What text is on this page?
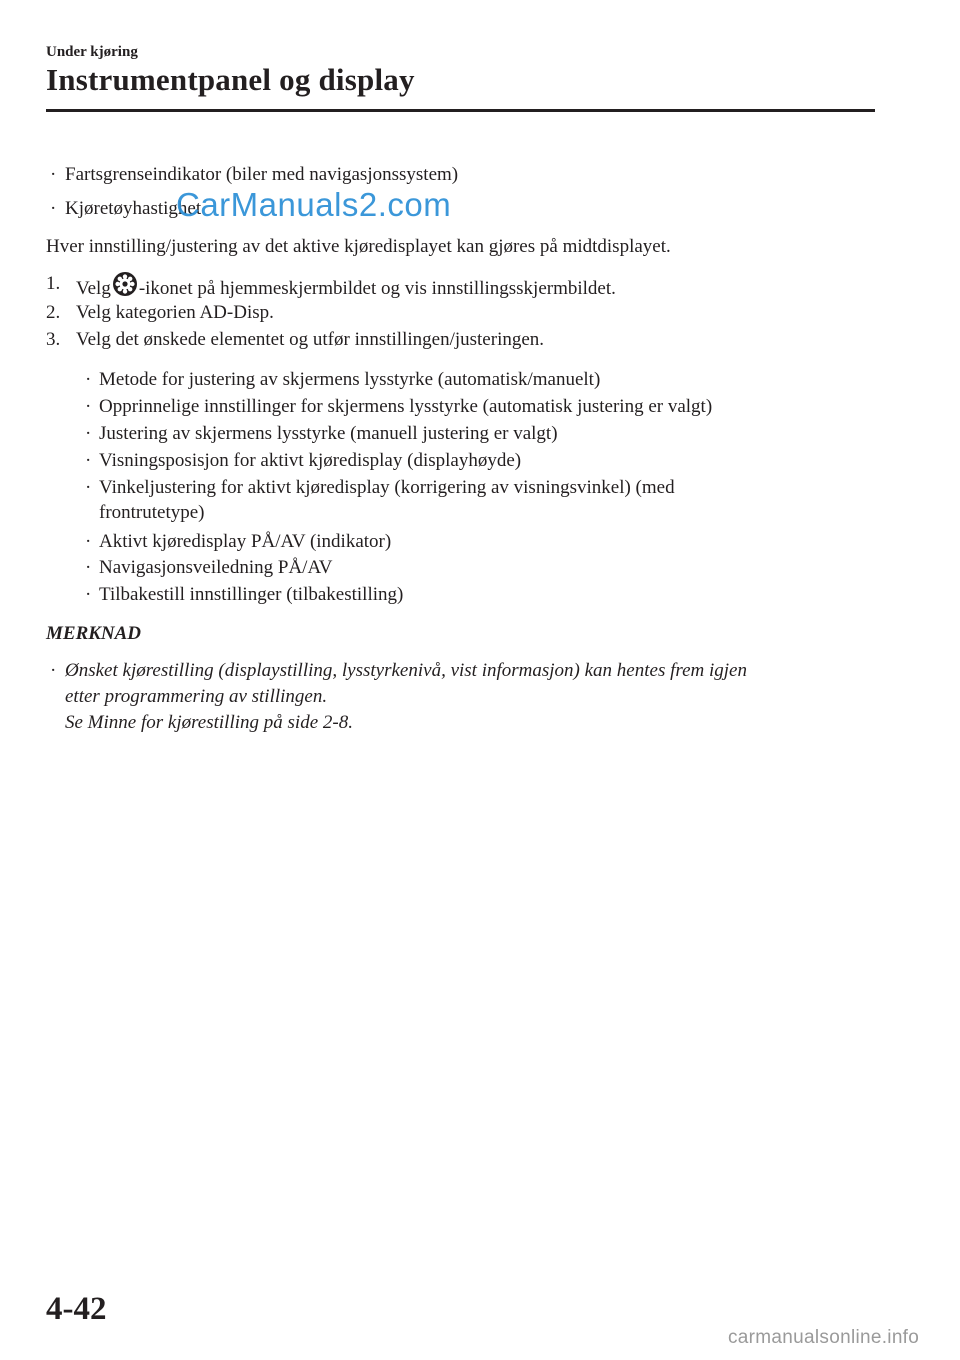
Under kjøring
Instrumentpanel og display
· Fartsgrenseindikator (biler med navigasjonssystem)
· Kjøretøyhastighet
CarManuals2.com
Hver innstilling/justering av det aktive kjøredisplayet kan gjøres på midtdisplayet.
1. Velg -ikonet på hjemmeskjermbildet og vis innstillingsskjermbildet.
2. Velg kategorien AD-Disp.
3. Velg det ønskede elementet og utfør innstillingen/justeringen.
· Metode for justering av skjermens lysstyrke (automatisk/manuelt)
· Opprinnelige innstillinger for skjermens lysstyrke (automatisk justering er valgt)
· Justering av skjermens lysstyrke (manuell justering er valgt)
· Visningsposisjon for aktivt kjøredisplay (displayhøyde)
· Vinkeljustering for aktivt kjøredisplay (korrigering av visningsvinkel) (med
frontrutetype)
· Aktivt kjøredisplay PÅ/AV (indikator)
· Navigasjonsveiledning PÅ/AV
· Tilbakestill innstillinger (tilbakestilling)
MERKNAD
· Ønsket kjørestilling (displaystilling, lysstyrkenivå, vist informasjon) kan hentes frem igjen
etter programmering av stillingen.
Se Minne for kjørestilling på side 2-8.
4-42
carmanualsonline.info
